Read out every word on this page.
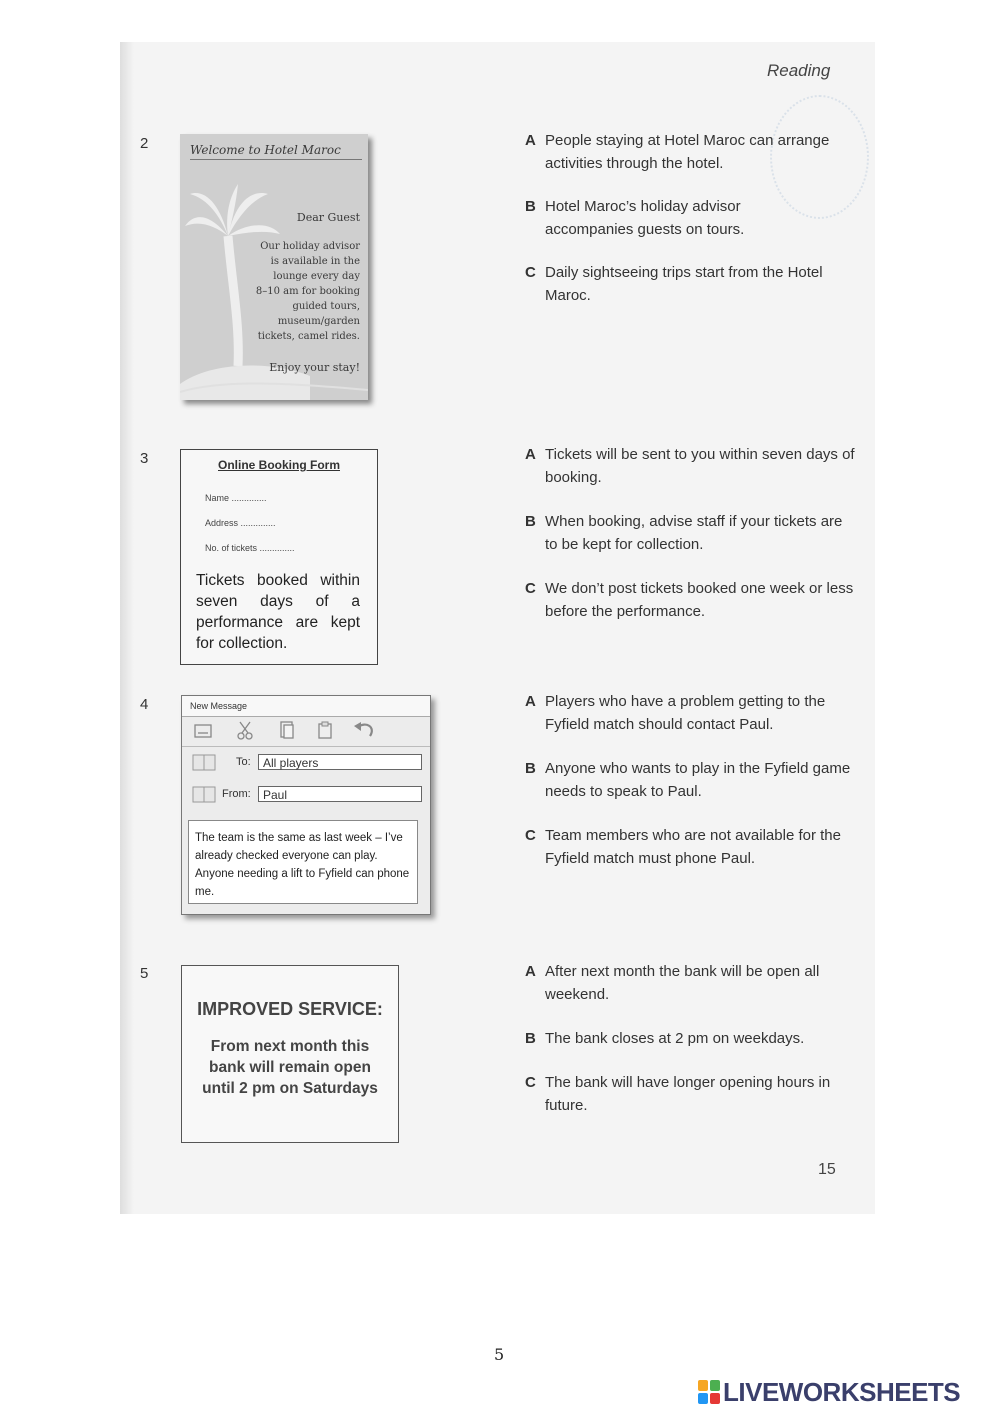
Reading
2	Welcome to Hotel Maroc
Dear Guest
Our holiday advisor
is available in the
lounge every day
8–10 am for booking
guided tours,
museum/garden
tickets, camel rides.
Enjoy your stay!
A People staying at Hotel Maroc can arrange activities through the hotel.
B Hotel Maroc’s holiday advisor accompanies guests on tours.
C Daily sightseeing trips start from the Hotel Maroc.
3	Online Booking Form
Name ..............
Address ..............
No. of tickets ..............
Tickets booked within seven days of a performance are kept for collection.
A Tickets will be sent to you within seven days of booking.
B When booking, advise staff if your tickets are to be kept for collection.
C We don’t post tickets booked one week or less before the performance.
4	New Message
To:	All players
From:	Paul
The team is the same as last week – I’ve already checked everyone can play. Anyone needing a lift to Fyfield can phone me.
A Players who have a problem getting to the Fyfield match should contact Paul.
B Anyone who wants to play in the Fyfield game needs to speak to Paul.
C Team members who are not available for the Fyfield match must phone Paul.
5
IMPROVED SERVICE:
From next month this bank will remain open until 2 pm on Saturdays
A After next month the bank will be open all weekend.
B The bank closes at 2 pm on weekdays.
C The bank will have longer opening hours in future.
15
5
LIVEWORKSHEETS
